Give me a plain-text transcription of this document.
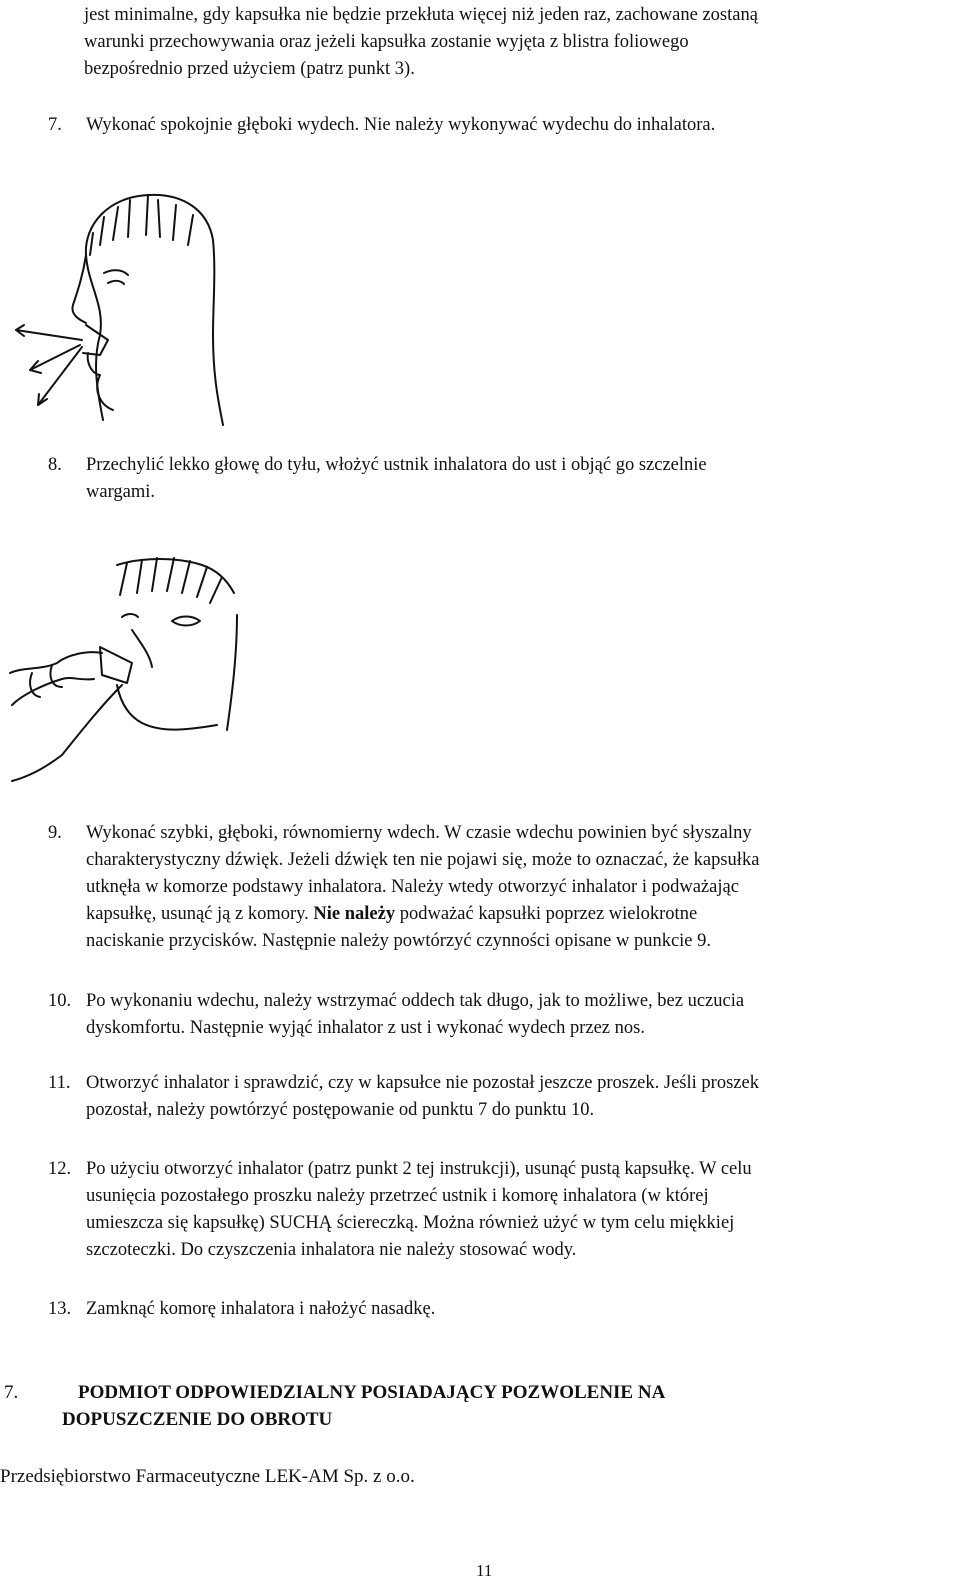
jest minimalne, gdy kapsułka nie będzie przekłuta więcej niż jeden raz, zachowane zostaną
warunki przechowywania oraz jeżeli kapsułka zostanie wyjęta z blistra foliowego
bezpośrednio przed użyciem (patrz punkt 3).
7. Wykonać spokojnie głęboki wydech. Nie należy wykonywać wydechu do inhalatora.
8. Przechylić lekko głowę do tyłu, włożyć ustnik inhalatora do ust i objąć go szczelnie
wargami.
9. Wykonać szybki, głęboki, równomierny wdech. W czasie wdechu powinien być słyszalny
charakterystyczny dźwięk. Jeżeli dźwięk ten nie pojawi się, może to oznaczać, że kapsułka
utknęła w komorze podstawy inhalatora. Należy wtedy otworzyć inhalator i podważając
kapsułkę, usunąć ją z komory. Nie należy podważać kapsułki poprzez wielokrotne
naciskanie przycisków. Następnie należy powtórzyć czynności opisane w punkcie 9.
10. Po wykonaniu wdechu, należy wstrzymać oddech tak długo, jak to możliwe, bez uczucia
dyskomfortu. Następnie wyjąć inhalator z ust i wykonać wydech przez nos.
11. Otworzyć inhalator i sprawdzić, czy w kapsułce nie pozostał jeszcze proszek. Jeśli proszek
pozostał, należy powtórzyć postępowanie od punktu 7 do punktu 10.
12. Po użyciu otworzyć inhalator (patrz punkt 2 tej instrukcji), usunąć pustą kapsułkę. W celu
usunięcia pozostałego proszku należy przetrzeć ustnik i komorę inhalatora (w której
umieszcza się kapsułkę) SUCHĄ ściereczką. Można również użyć w tym celu miękkiej
szczoteczki. Do czyszczenia inhalatora nie należy stosować wody.
13. Zamknąć komorę inhalatora i nałożyć nasadkę.
7.	PODMIOT ODPOWIEDZIALNY POSIADAJĄCY POZWOLENIE NA
DOPUSZCZENIE DO OBROTU
Przedsiębiorstwo Farmaceutyczne LEK-AM Sp. z o.o.
11
